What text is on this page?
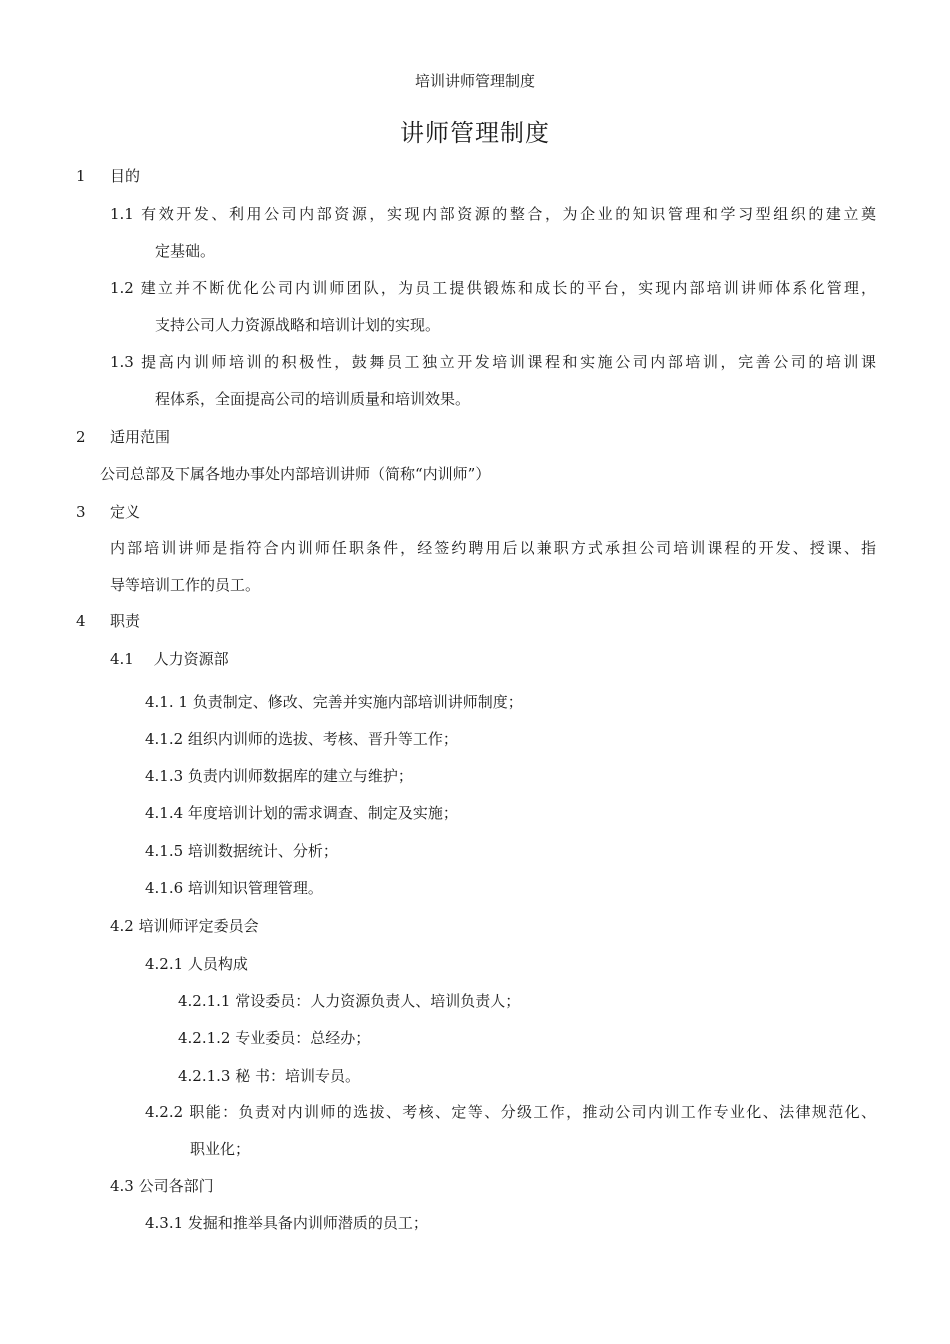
培训讲师管理制度
讲师管理制度
1 目的
1.1 有效开发、利用公司内部资源，实现内部资源的整合，为企业的知识管理和学习型组织的建立奠
定基础。
1.2 建立并不断优化公司内训师团队，为员工提供锻炼和成长的平台，实现内部培训讲师体系化管理，
支持公司人力资源战略和培训计划的实现。
1.3 提高内训师培训的积极性，鼓舞员工独立开发培训课程和实施公司内部培训，完善公司的培训课
程体系，全面提高公司的培训质量和培训效果。
2 适用范围
公司总部及下属各地办事处内部培训讲师（简称“内训师”）
3 定义
内部培训讲师是指符合内训师任职条件，经签约聘用后以兼职方式承担公司培训课程的开发、授课、指
导等培训工作的员工。
4 职责
4.1　 人力资源部
4.1. 1 负责制定、修改、完善并实施内部培训讲师制度；
4.1.2 组织内训师的选拔、考核、晋升等工作；
4.1.3 负责内训师数据库的建立与维护；
4.1.4 年度培训计划的需求调查、制定及实施；
4.1.5 培训数据统计、分析；
4.1.6 培训知识管理管理。
4.2 培训师评定委员会
4.2.1 人员构成
4.2.1.1 常设委员：人力资源负责人、培训负责人；
4.2.1.2 专业委员：总经办；
4.2.1.3 秘 书：培训专员。
4.2.2 职能：负责对内训师的选拔、考核、定等、分级工作，推动公司内训工作专业化、法律规范化、
职业化；
4.3 公司各部门
4.3.1 发掘和推举具备内训师潜质的员工；
